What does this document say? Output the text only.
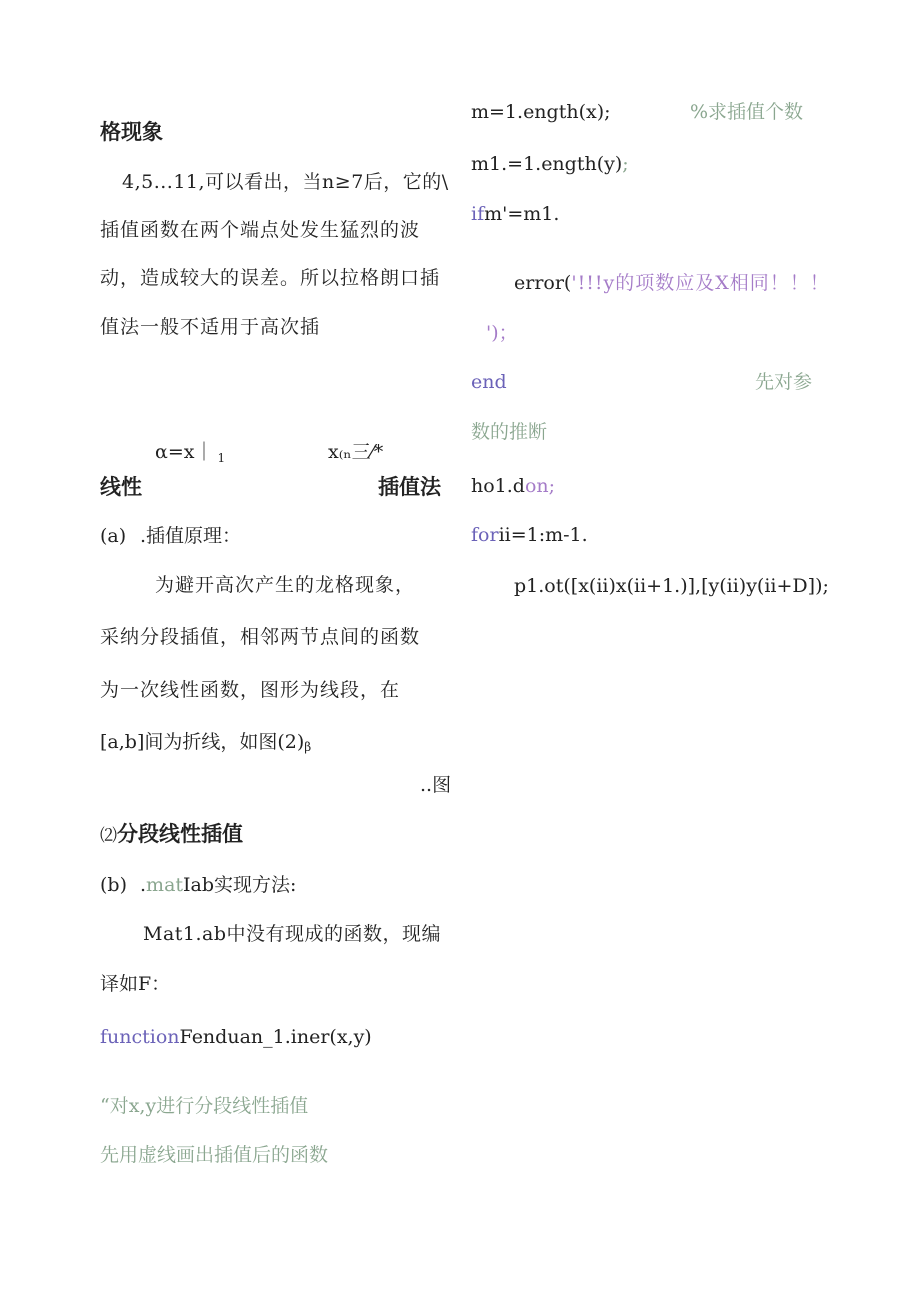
格现象
4,5...11,可以看出，当n≥7后，它的\
插值函数在两个端点处发生猛烈的波
动，造成较大的误差。所以拉格朗口插
值法一般不适用于高次插
α=x｜ $_1$	x₍ₙ三⁄*
线性	插值法
(a) .插值原理：
为避开高次产生的龙格现象，
采纳分段插值，相邻两节点间的函数
为一次线性函数，图形为线段，在
[a,b]间为折线，如图(2)β
..图
⑵分段线性插值
(b) .matIab实现方法:
Mat1.ab中没有现成的函数，现编
译如F：
functionFenduan_1.iner(x,y)
“对x,y进行分段线性插值
先用虚线画出插值后的函数
m=1.ength(x);	%求插值个数
m1.=1.ength(y);
ifm'=m1.
error('!!!y的项数应及X相同！！！
')；
end	先对参
数的推断
ho1.don;
forii=1:m-1.
p1.ot([x(ii)x(ii+1.)],[y(ii)y(ii+D]);
